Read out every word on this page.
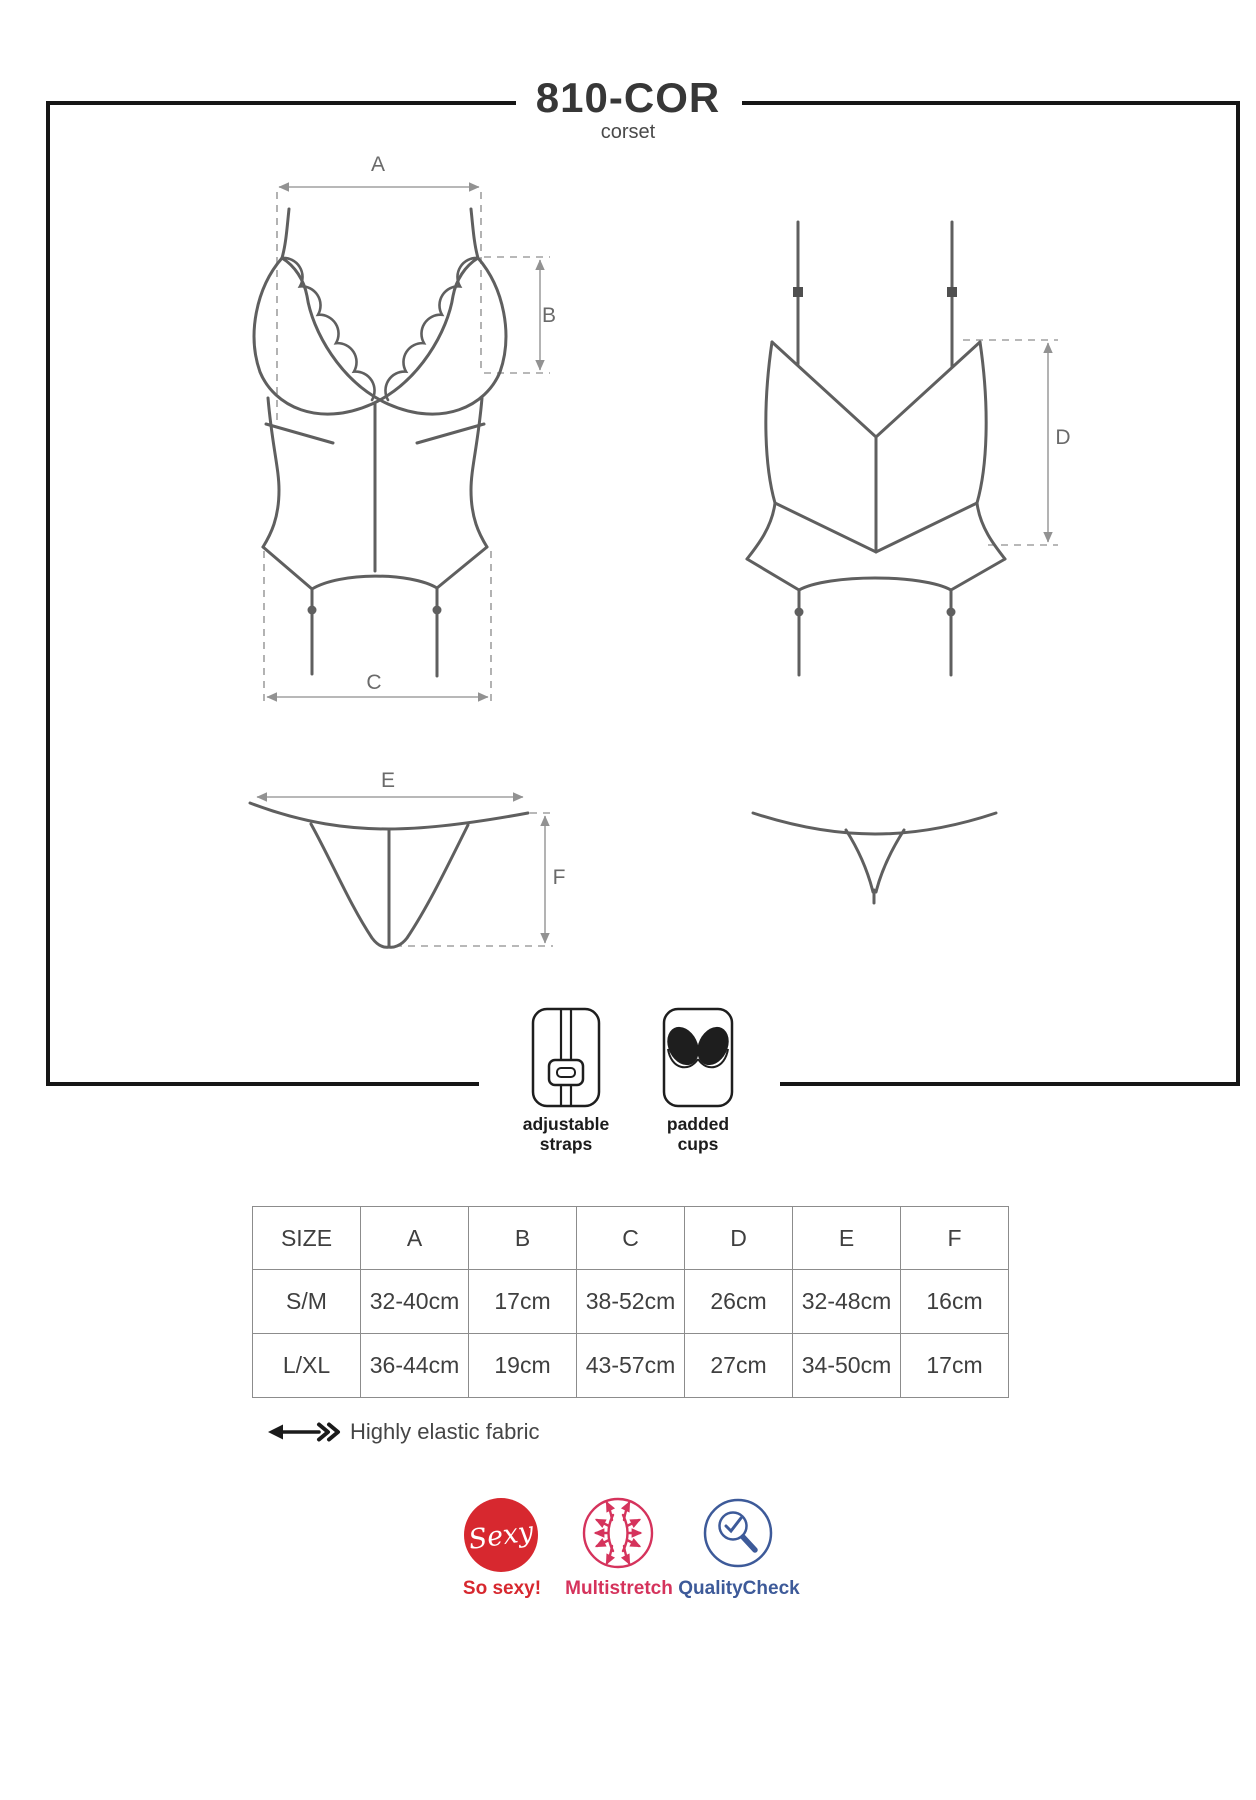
810-COR
corset
A
B
C
D
E
F
adjustable
straps
padded
cups
SIZE	A	B	C	D	E	F
S/M	32-40cm	17cm	38-52cm	26cm	32-48cm	16cm
L/XL	36-44cm	19cm	43-57cm	27cm	34-50cm	17cm
Highly elastic fabric
Sexy
So sexy! Multistretch QualityCheck
